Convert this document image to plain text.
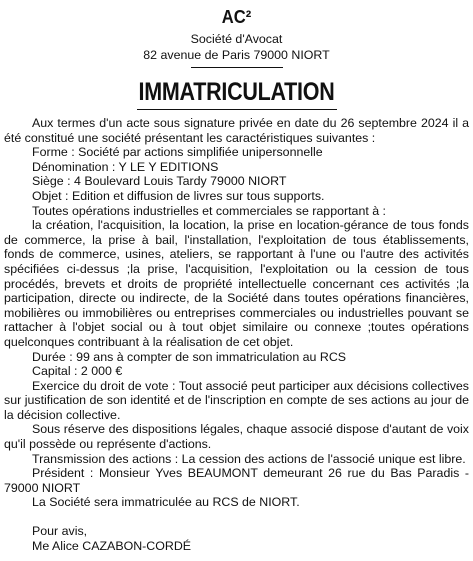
AC²
Société d'Avocat
82 avenue de Paris 79000 NIORT
IMMATRICULATION

Aux termes d'un acte sous signature privée en date du 26 septembre 2024 il a été constitué une société présentant les caractéristiques suivantes :

Forme : Société par actions simplifiée unipersonnelle

Dénomination : Y LE Y EDITIONS

Siège : 4 Boulevard Louis Tardy 79000 NIORT

Objet : Edition et diffusion de livres sur tous supports.

Toutes opérations industrielles et commerciales se rapportant à :

la création, l'acquisition, la location, la prise en location-gérance de tous fonds de commerce, la prise à bail, l'installation, l'exploitation de tous établissements, fonds de commerce, usines, ateliers, se rapportant à l'une ou l'autre des activités spécifiées ci-dessus ;la prise, l'acquisition, l'exploitation ou la cession de tous procédés, brevets et droits de propriété intellectuelle concernant ces activités ;la participation, directe ou indirecte, de la Société dans toutes opérations financières, mobilières ou immobilières ou entreprises commerciales ou industrielles pouvant se rattacher à l'objet social ou à tout objet similaire ou connexe ;toutes opérations quelconques contribuant à la réalisation de cet objet.

Durée : 99 ans à compter de son immatriculation au RCS

Capital : 2 000 €

Exercice du droit de vote : Tout associé peut participer aux décisions collectives sur justification de son identité et de l'inscription en compte de ses actions au jour de la décision collective.

Sous réserve des dispositions légales, chaque associé dispose d'autant de voix qu'il possède ou représente d'actions.

Transmission des actions : La cession des actions de l'associé unique est libre.

Président : Monsieur Yves BEAUMONT demeurant 26 rue du Bas Paradis - 79000 NIORT

La Société sera immatriculée au RCS de NIORT.

Pour avis,

Me Alice CAZABON-CORDÉ
